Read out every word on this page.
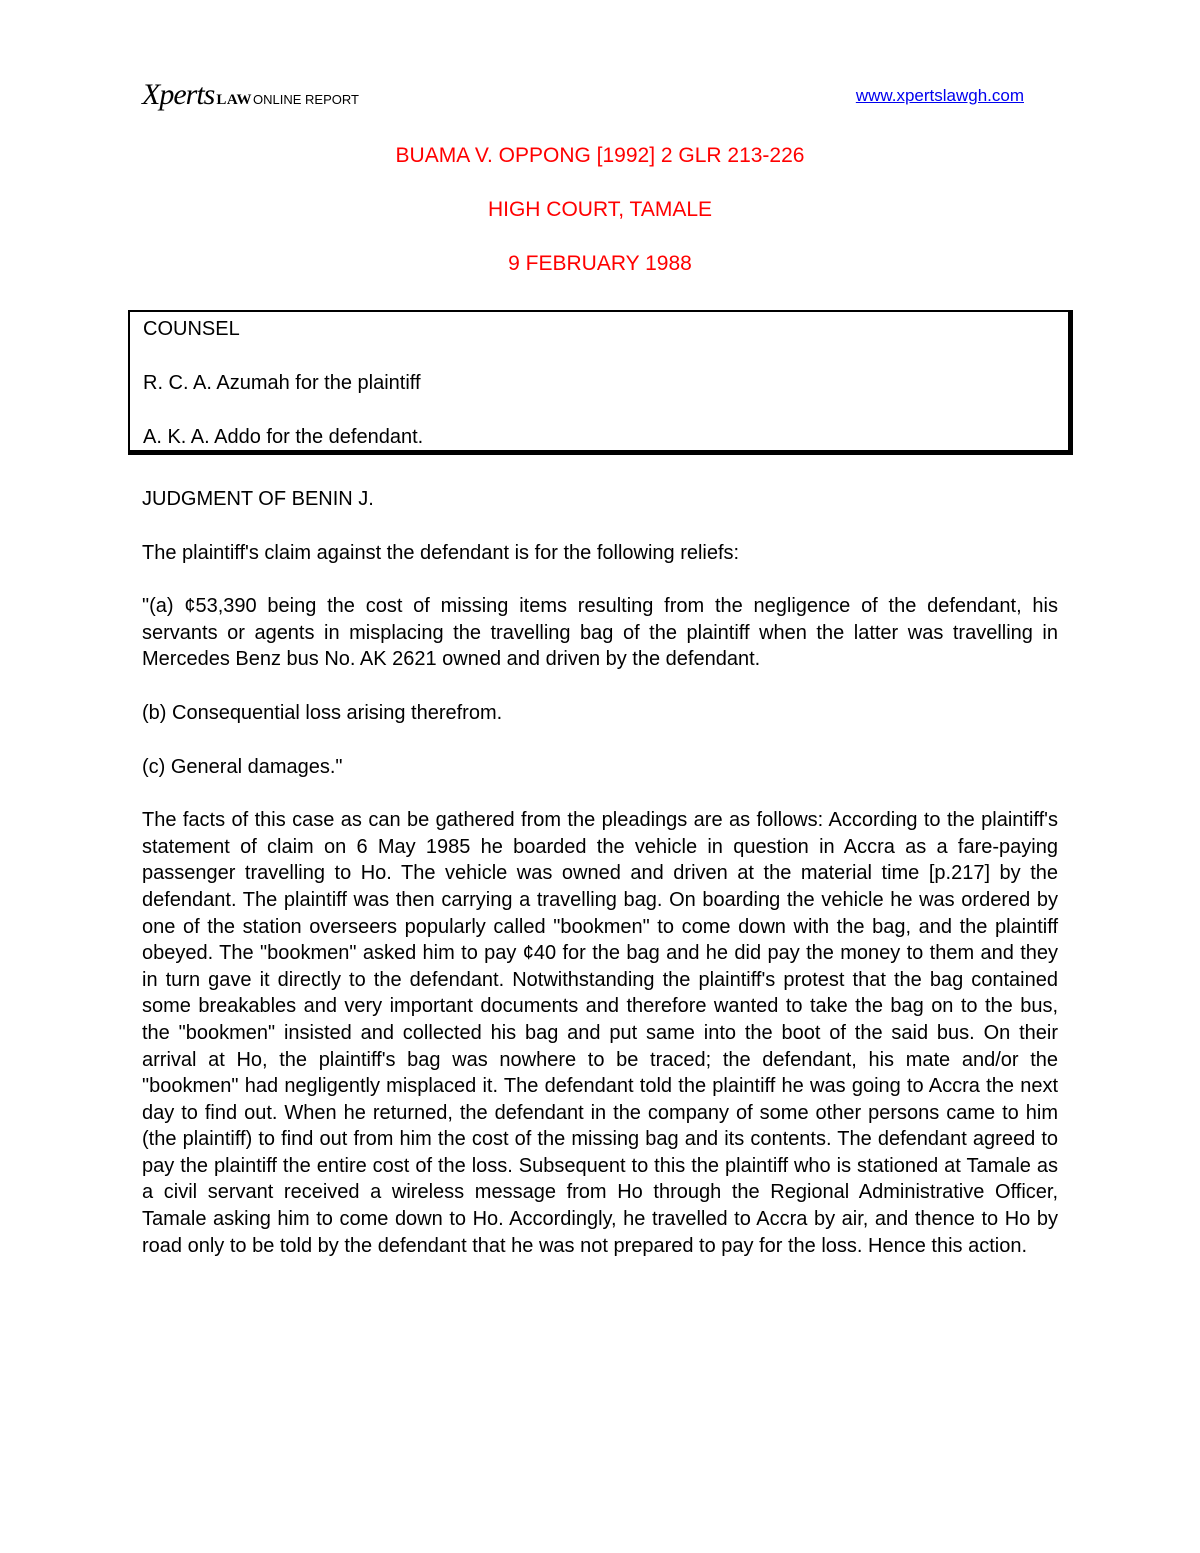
Xperts LAWONLINE REPORT	www.xpertslawgh.com
BUAMA V. OPPONG [1992] 2 GLR 213-226
HIGH COURT, TAMALE
9 FEBRUARY 1988

COUNSEL

R. C. A. Azumah for the plaintiff

A. K. A. Addo for the defendant.

JUDGMENT OF BENIN J.

The plaintiff's claim against the defendant is for the following reliefs:

"(a) ¢53,390 being the cost of missing items resulting from the negligence of the defendant, his servants or agents in misplacing the travelling bag of the plaintiff when the latter was travelling in Mercedes Benz bus No. AK 2621 owned and driven by the defendant.

(b) Consequential loss arising therefrom.

(c) General damages."

The facts of this case as can be gathered from the pleadings are as follows: According to the plaintiff's statement of claim on 6 May 1985 he boarded the vehicle in question in Accra as a fare-paying passenger travelling to Ho. The vehicle was owned and driven at the material time [p.217] by the defendant. The plaintiff was then carrying a travelling bag. On boarding the vehicle he was ordered by one of the station overseers popularly called "bookmen" to come down with the bag, and the plaintiff obeyed. The "bookmen" asked him to pay ¢40 for the bag and he did pay the money to them and they in turn gave it directly to the defendant. Notwithstanding the plaintiff's protest that the bag contained some breakables and very important documents and therefore wanted to take the bag on to the bus, the "bookmen" insisted and collected his bag and put same into the boot of the said bus. On their arrival at Ho, the plaintiff's bag was nowhere to be traced; the defendant, his mate and/or the "bookmen" had negligently misplaced it. The defendant told the plaintiff he was going to Accra the next day to find out. When he returned, the defendant in the company of some other persons came to him (the plaintiff) to find out from him the cost of the missing bag and its contents. The defendant agreed to pay the plaintiff the entire cost of the loss. Subsequent to this the plaintiff who is stationed at Tamale as a civil servant received a wireless message from Ho through the Regional Administrative Officer, Tamale asking him to come down to Ho. Accordingly, he travelled to Accra by air, and thence to Ho by road only to be told by the defendant that he was not prepared to pay for the loss. Hence this action.
